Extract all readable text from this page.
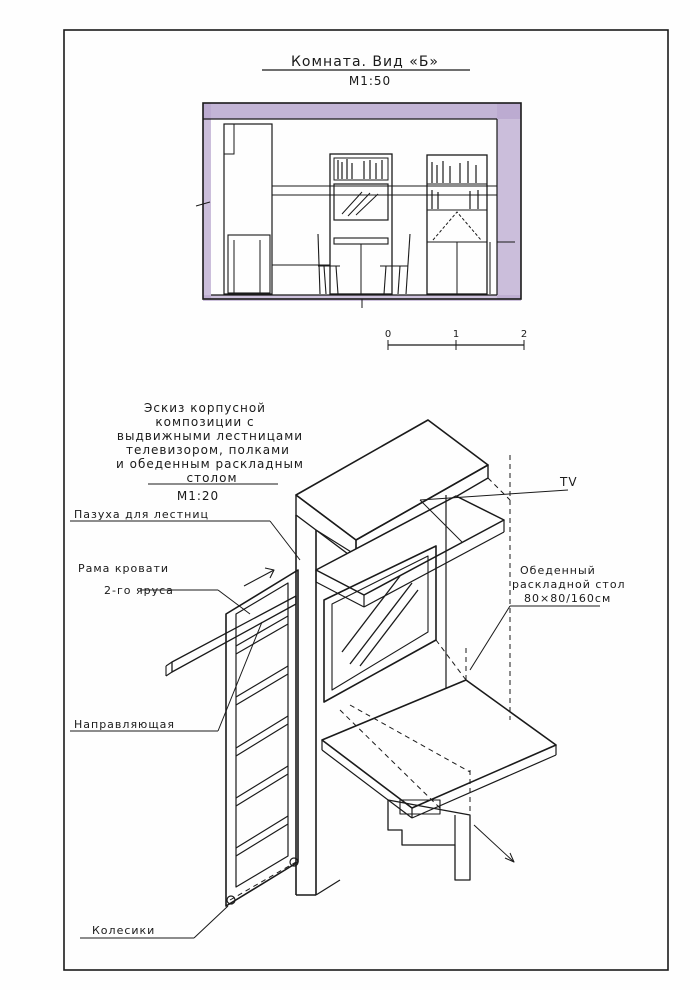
Комната. Вид «Б»
М1:50
0	1	2
Эскиз корпусной
композиции с
выдвижными лестницами
телевизором, полками
и обеденным раскладным
столом
М1:20
Пазуха для лестниц
TV
Рама кровати
2-го яруса
Обеденный
раскладной стол
80×80/160см
Направляющая
Колесики
